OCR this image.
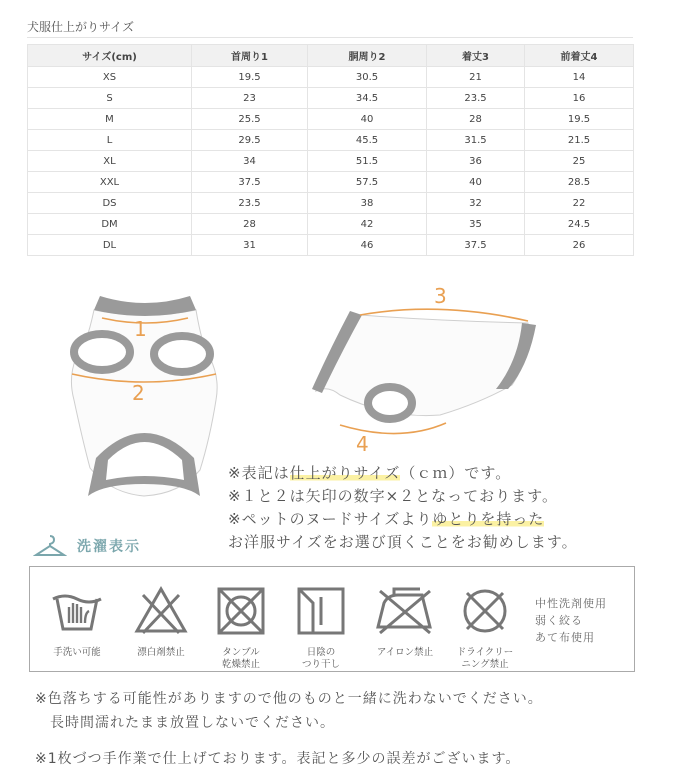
犬服仕上がりサイズ
サイズ(cm)	首周り1	胴周り2	着丈3	前着丈4
XS	19.5	30.5	21	14
S	23	34.5	23.5	16
M	25.5	40	28	19.5
L	29.5	45.5	31.5	21.5
XL	34	51.5	36	25
XXL	37.5	57.5	40	28.5
DS	23.5	38	32	22
DM	28	42	35	24.5
DL	31	46	37.5	26
1
2
3
4
※表記は仕上がりサイズ（ｃｍ）です。
※１と２は矢印の数字×２となっております。
※ペットのヌードサイズよりゆとりを持った
お洋服サイズをお選び頂くことをお勧めします。
洗濯表示
手洗い可能	漂白剤禁止	タンブル
乾燥禁止
日陰の
つり干し
アイロン禁止	ドライクリー
ニング禁止
中性洗剤使用
弱く絞る
あて布使用
※色落ちする可能性がありますので他のものと一緒に洗わないでください。
長時間濡れたまま放置しないでください。
※1枚づつ手作業で仕上げております。表記と多少の誤差がございます。
